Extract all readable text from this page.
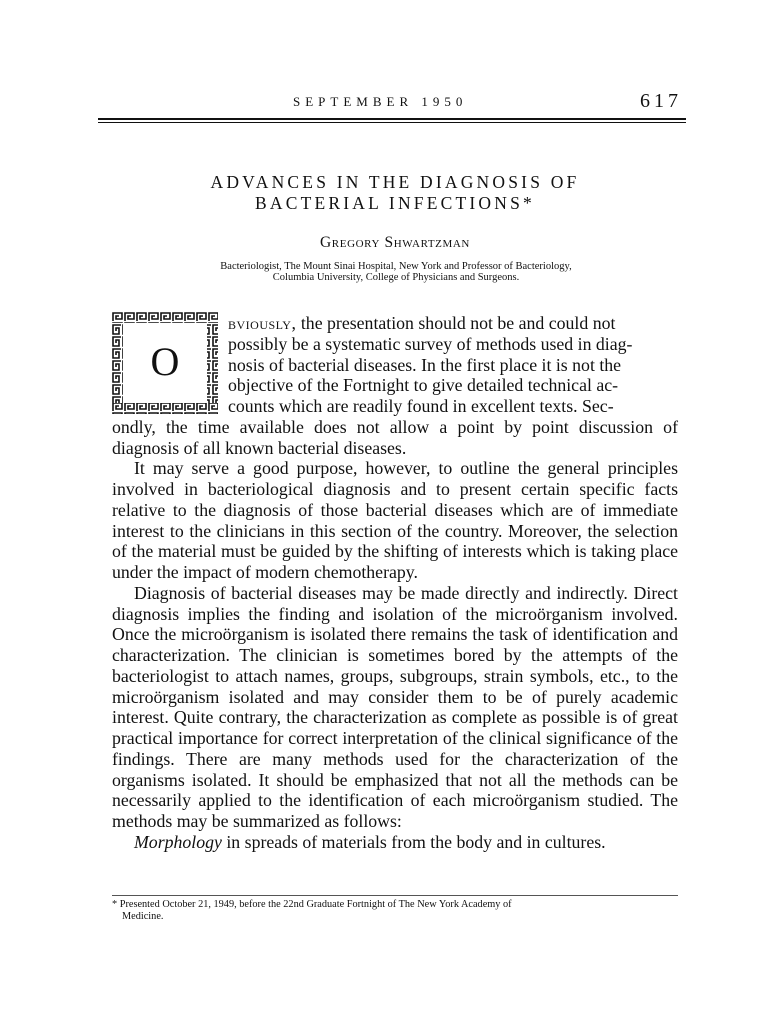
SEPTEMBER 1950	617
ADVANCES IN THE DIAGNOSIS OF
BACTERIAL INFECTIONS*
Gregory Shwartzman
Bacteriologist, The Mount Sinai Hospital, New York and Professor of Bacteriology,
Columbia University, College of Physicians and Surgeons.
O

bviously, the presentation should not be and could not
possibly be a systematic survey of methods used in diag-
nosis of bacterial diseases. In the first place it is not the
objective of the Fortnight to give detailed technical ac-
counts which are readily found in excellent texts. Sec-
ondly, the time available does not allow a point by point discussion of diagnosis of all known bacterial diseases.

It may serve a good purpose, however, to outline the general principles involved in bacteriological diagnosis and to present certain specific facts relative to the diagnosis of those bacterial diseases which are of immediate interest to the clinicians in this section of the country. Moreover, the selection of the material must be guided by the shifting of interests which is taking place under the impact of modern chemotherapy.

Diagnosis of bacterial diseases may be made directly and indirectly. Direct diagnosis implies the finding and isolation of the microörganism involved. Once the microörganism is isolated there remains the task of identification and characterization. The clinician is sometimes bored by the attempts of the bacteriologist to attach names, groups, subgroups, strain symbols, etc., to the microörganism isolated and may consider them to be of purely academic interest. Quite contrary, the characterization as complete as possible is of great practical importance for correct interpretation of the clinical significance of the findings. There are many methods used for the characterization of the organisms isolated. It should be emphasized that not all the methods can be necessarily applied to the identification of each microörganism studied. The methods may be summarized as follows:

Morphology in spreads of materials from the body and in cultures.

* Presented October 21, 1949, before the 22nd Graduate Fortnight of The New York Academy of
Medicine.
